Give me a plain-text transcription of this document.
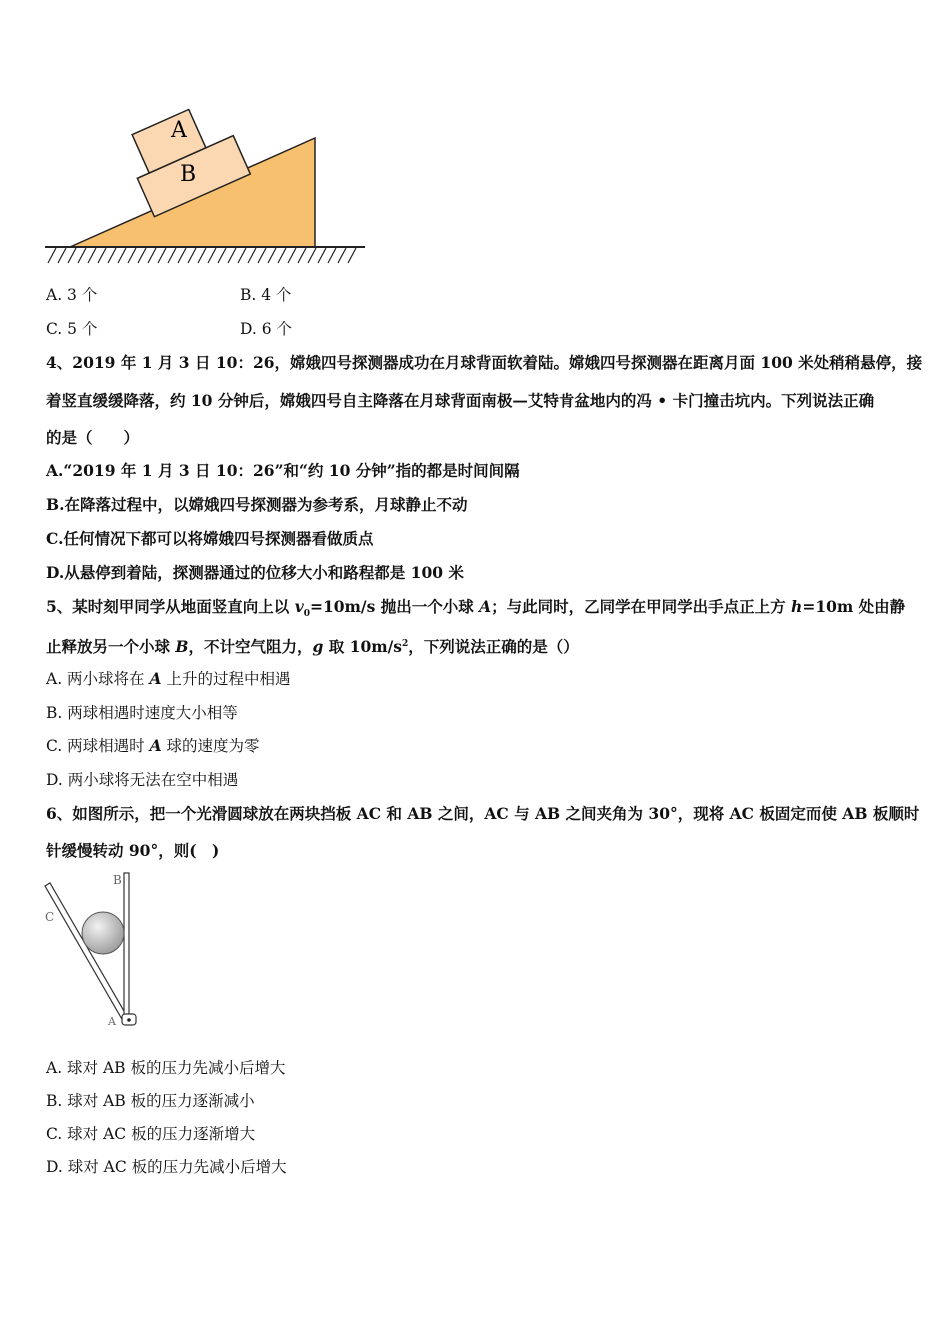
A
B
A. 3 个	B. 4 个
C. 5 个	D. 6 个
4、2019 年 1 月 3 日 10：26，嫦娥四号探测器成功在月球背面软着陆。嫦娥四号探测器在距离月面 100 米处稍稍悬停，接
着竖直缓缓降落，约 10 分钟后，嫦娥四号自主降落在月球背面南极—艾特肯盆地内的冯 • 卡门撞击坑内。下列说法正确
的是（　　）
A.“2019 年 1 月 3 日 10：26”和“约 10 分钟”指的都是时间间隔
B.在降落过程中，以嫦娥四号探测器为参考系，月球静止不动
C.任何情况下都可以将嫦娥四号探测器看做质点
D.从悬停到着陆，探测器通过的位移大小和路程都是 100 米
5、某时刻甲同学从地面竖直向上以 $v_0=10m/s$ 抛出一个小球 A；与此同时，乙同学在甲同学出手点正上方 h=10m 处由静
止释放另一个小球 B，不计空气阻力，g 取 $10m/s^2$，下列说法正确的是（）
A. 两小球将在 A 上升的过程中相遇
B. 两球相遇时速度大小相等
C. 两球相遇时 A 球的速度为零
D. 两小球将无法在空中相遇
6、如图所示，把一个光滑圆球放在两块挡板 AC 和 AB 之间，AC 与 AB 之间夹角为 30°，现将 AC 板固定而使 AB 板顺时
针缓慢转动 90°，则(　)
B
C
A
A. 球对 AB 板的压力先减小后增大
B. 球对 AB 板的压力逐渐减小
C. 球对 AC 板的压力逐渐增大
D. 球对 AC 板的压力先减小后增大
